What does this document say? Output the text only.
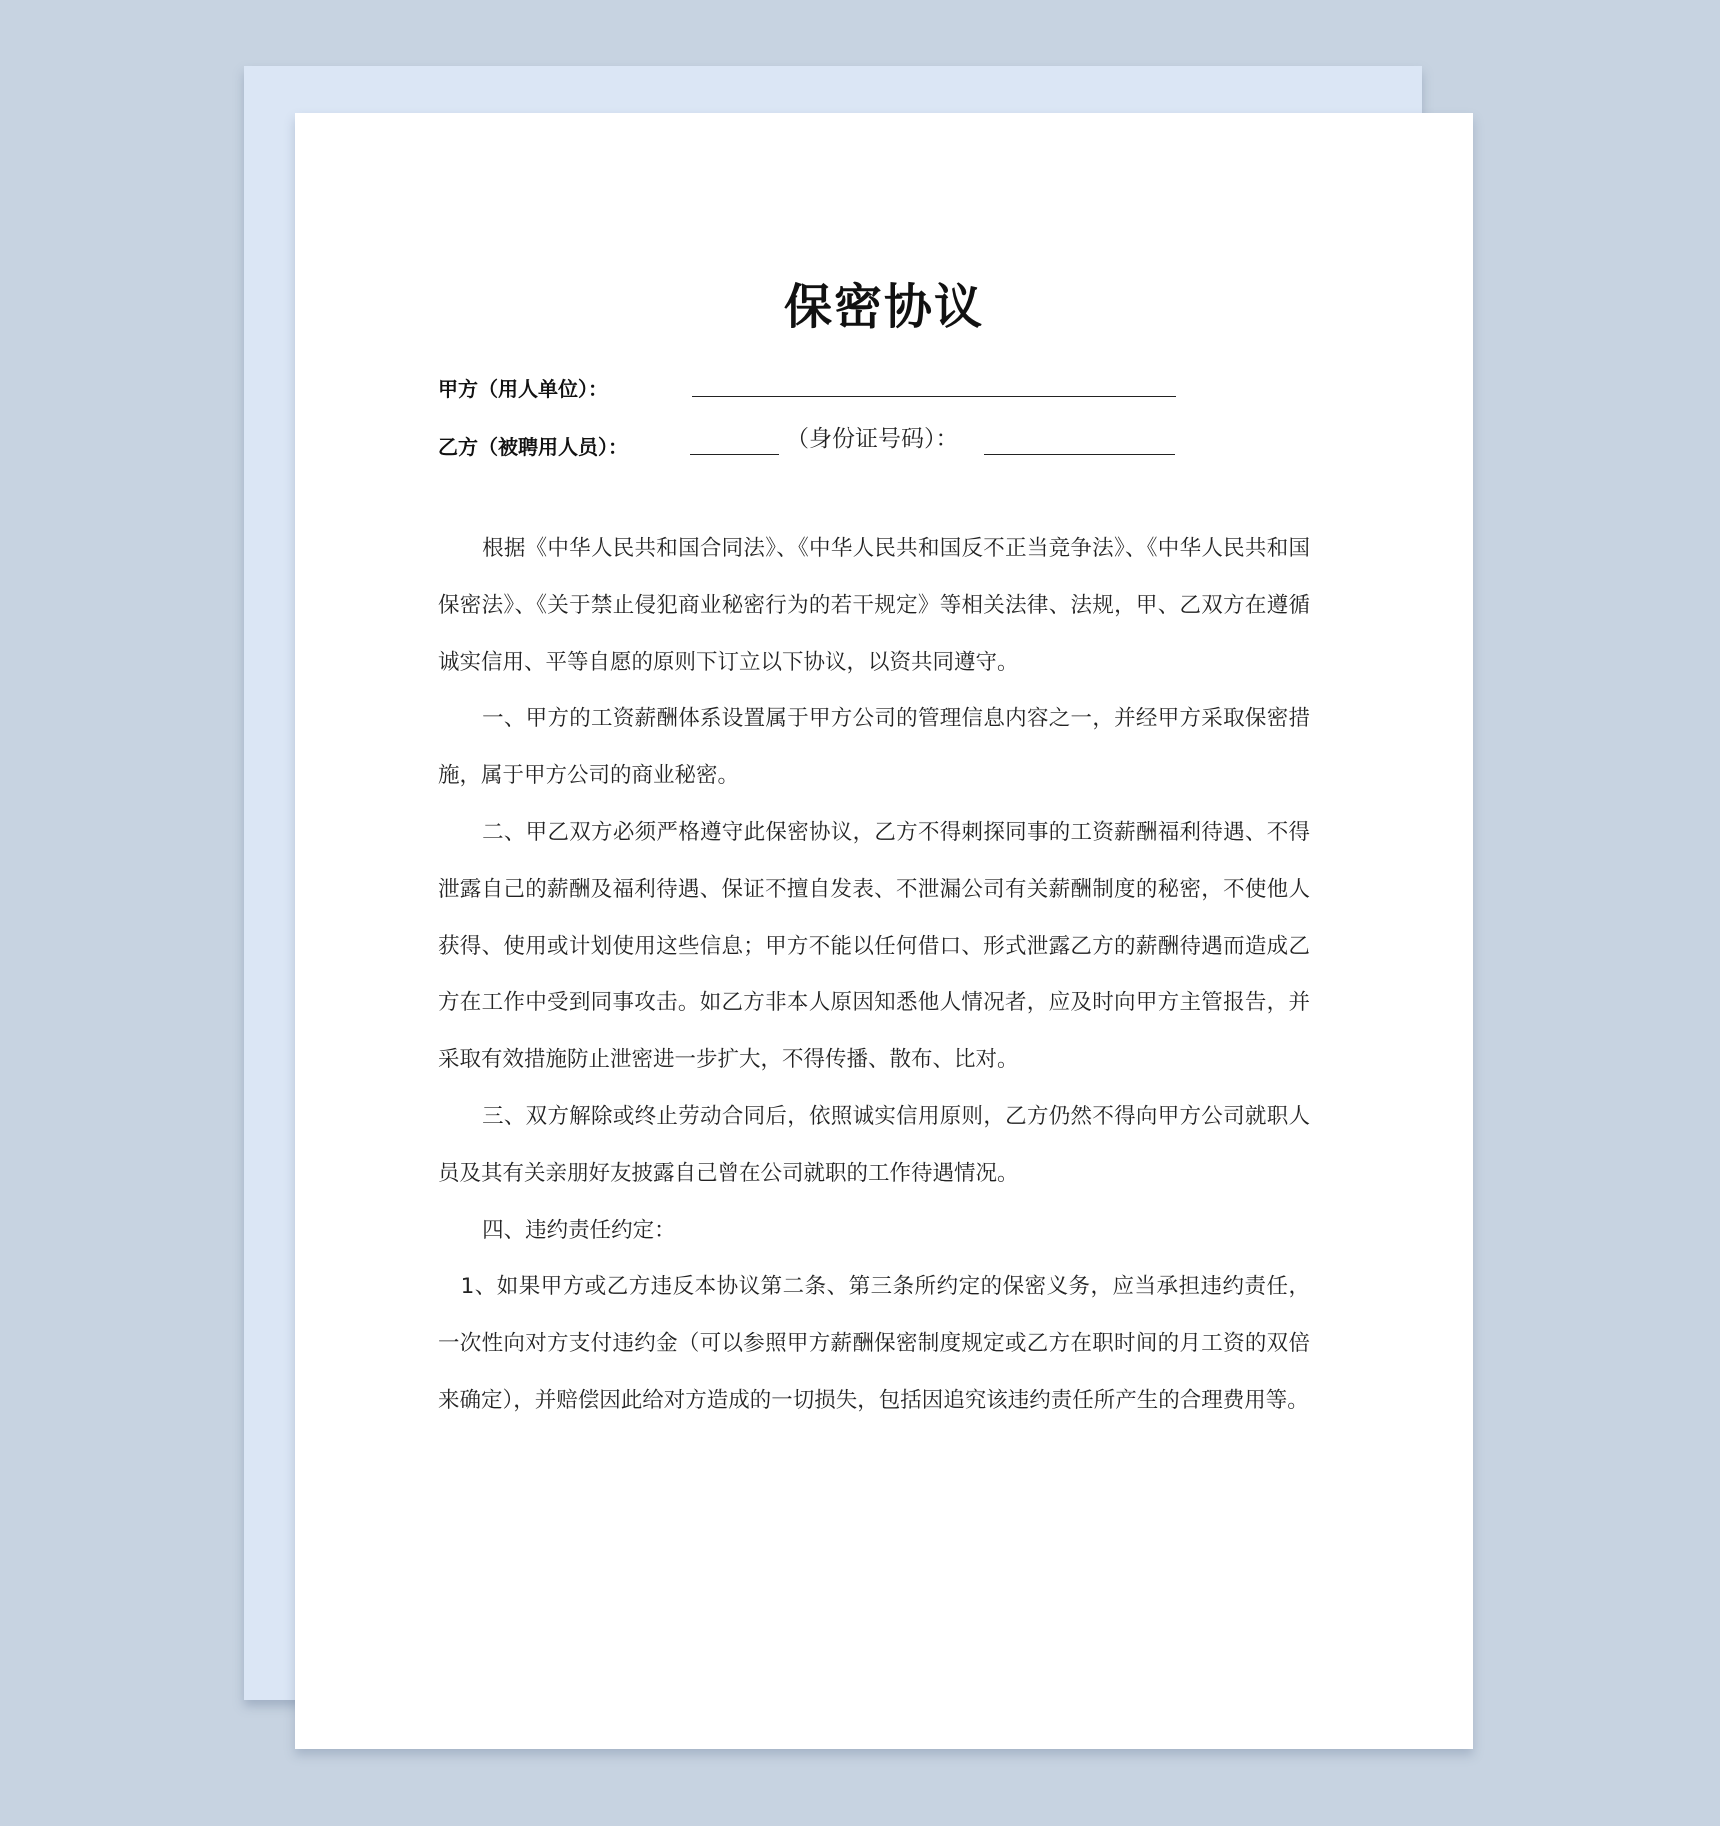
保密协议
甲方（用人单位）：
乙方（被聘用人员）：	（身份证号码）：

根据《中华人民共和国合同法》、《中华人民共和国反不正当竞争法》、《中华人民共和国保密法》、《关于禁止侵犯商业秘密行为的若干规定》等相关法律、法规，甲、乙双方在遵循诚实信用、平等自愿的原则下订立以下协议，以资共同遵守。

一、甲方的工资薪酬体系设置属于甲方公司的管理信息内容之一，并经甲方采取保密措施，属于甲方公司的商业秘密。

二、甲乙双方必须严格遵守此保密协议，乙方不得刺探同事的工资薪酬福利待遇、不得泄露自己的薪酬及福利待遇、保证不擅自发表、不泄漏公司有关薪酬制度的秘密，不使他人获得、使用或计划使用这些信息；甲方不能以任何借口、形式泄露乙方的薪酬待遇而造成乙方在工作中受到同事攻击。如乙方非本人原因知悉他人情况者，应及时向甲方主管报告，并采取有效措施防止泄密进一步扩大，不得传播、散布、比对。

三、双方解除或终止劳动合同后，依照诚实信用原则，乙方仍然不得向甲方公司就职人员及其有关亲朋好友披露自己曾在公司就职的工作待遇情况。

四、违约责任约定：

1、如果甲方或乙方违反本协议第二条、第三条所约定的保密义务，应当承担违约责任，一次性向对方支付违约金（可以参照甲方薪酬保密制度规定或乙方在职时间的月工资的双倍来确定），并赔偿因此给对方造成的一切损失，包括因追究该违约责任所产生的合理费用等。
